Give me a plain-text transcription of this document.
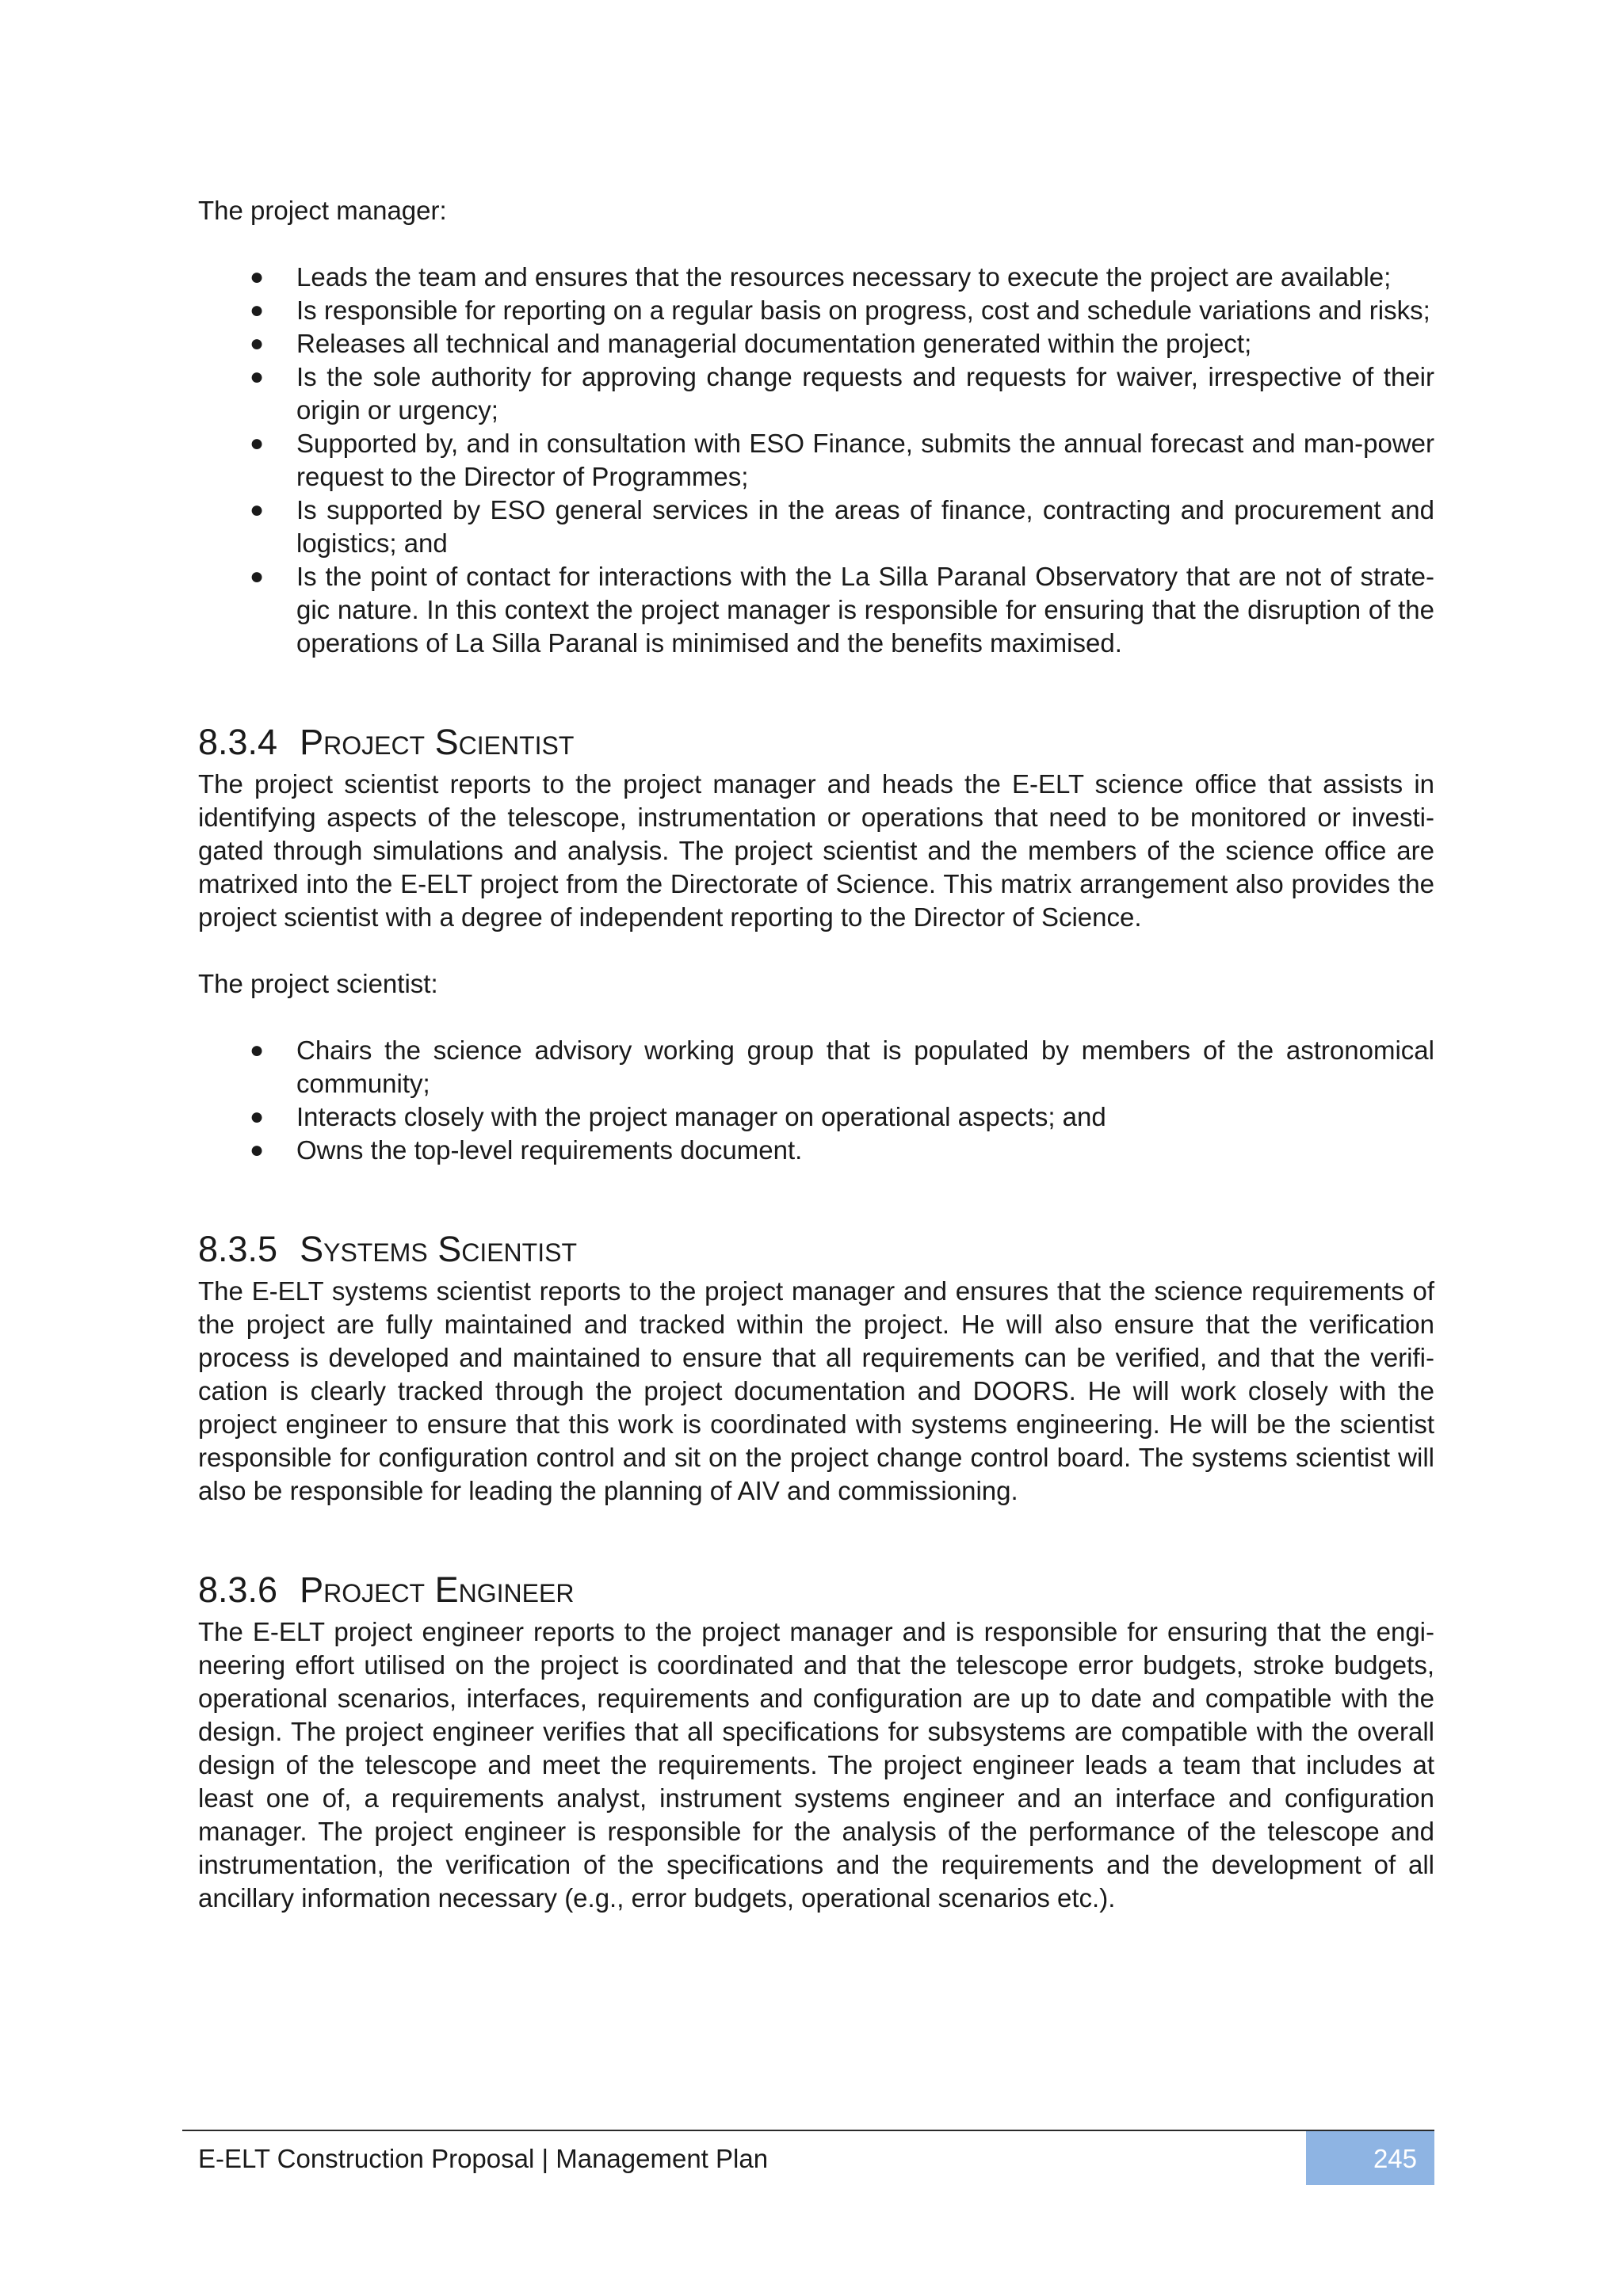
The project manager:

● Leads the team and ensures that the resources necessary to execute the project are available;
● Is responsible for reporting on a regular basis on progress, cost and schedule variations and risks;
● Releases all technical and managerial documentation generated within the project;
● Is the sole authority for approving change requests and requests for waiver, irrespective of their origin or urgency;
● Supported by, and in consultation with ESO Finance, submits the annual forecast and man-power request to the Director of Programmes;
● Is supported by ESO general services in the areas of finance, contracting and procurement and logistics; and
● Is the point of contact for interactions with the La Silla Paranal Observatory that are not of strate-gic nature. In this context the project manager is responsible for ensuring that the disruption of the operations of La Silla Paranal is minimised and the benefits maximised.
8.3.4 Project Scientist

The project scientist reports to the project manager and heads the E-ELT science office that assists in identifying aspects of the telescope, instrumentation or operations that need to be monitored or investi-gated through simulations and analysis. The project scientist and the members of the science office are matrixed into the E-ELT project from the Directorate of Science. This matrix arrangement also provides the project scientist with a degree of independent reporting to the Director of Science.

The project scientist:

● Chairs the science advisory working group that is populated by members of the astronomical community;
● Interacts closely with the project manager on operational aspects; and
● Owns the top-level requirements document.
8.3.5 Systems Scientist

The E-ELT systems scientist reports to the project manager and ensures that the science requirements of the project are fully maintained and tracked within the project. He will also ensure that the verification process is developed and maintained to ensure that all requirements can be verified, and that the verifi-cation is clearly tracked through the project documentation and DOORS. He will work closely with the project engineer to ensure that this work is coordinated with systems engineering. He will be the scientist responsible for configuration control and sit on the project change control board. The systems scientist will also be responsible for leading the planning of AIV and commissioning.

8.3.6 Project Engineer

The E-ELT project engineer reports to the project manager and is responsible for ensuring that the engi-neering effort utilised on the project is coordinated and that the telescope error budgets, stroke budgets, operational scenarios, interfaces, requirements and configuration are up to date and compatible with the design. The project engineer verifies that all specifications for subsystems are compatible with the overall design of the telescope and meet the requirements. The project engineer leads a team that includes at least one of, a requirements analyst, instrument systems engineer and an interface and configuration manager. The project engineer is responsible for the analysis of the performance of the telescope and instrumentation, the verification of the specifications and the requirements and the development of all ancillary information necessary (e.g., error budgets, operational scenarios etc.).

E-ELT Construction Proposal | Management Plan	245
